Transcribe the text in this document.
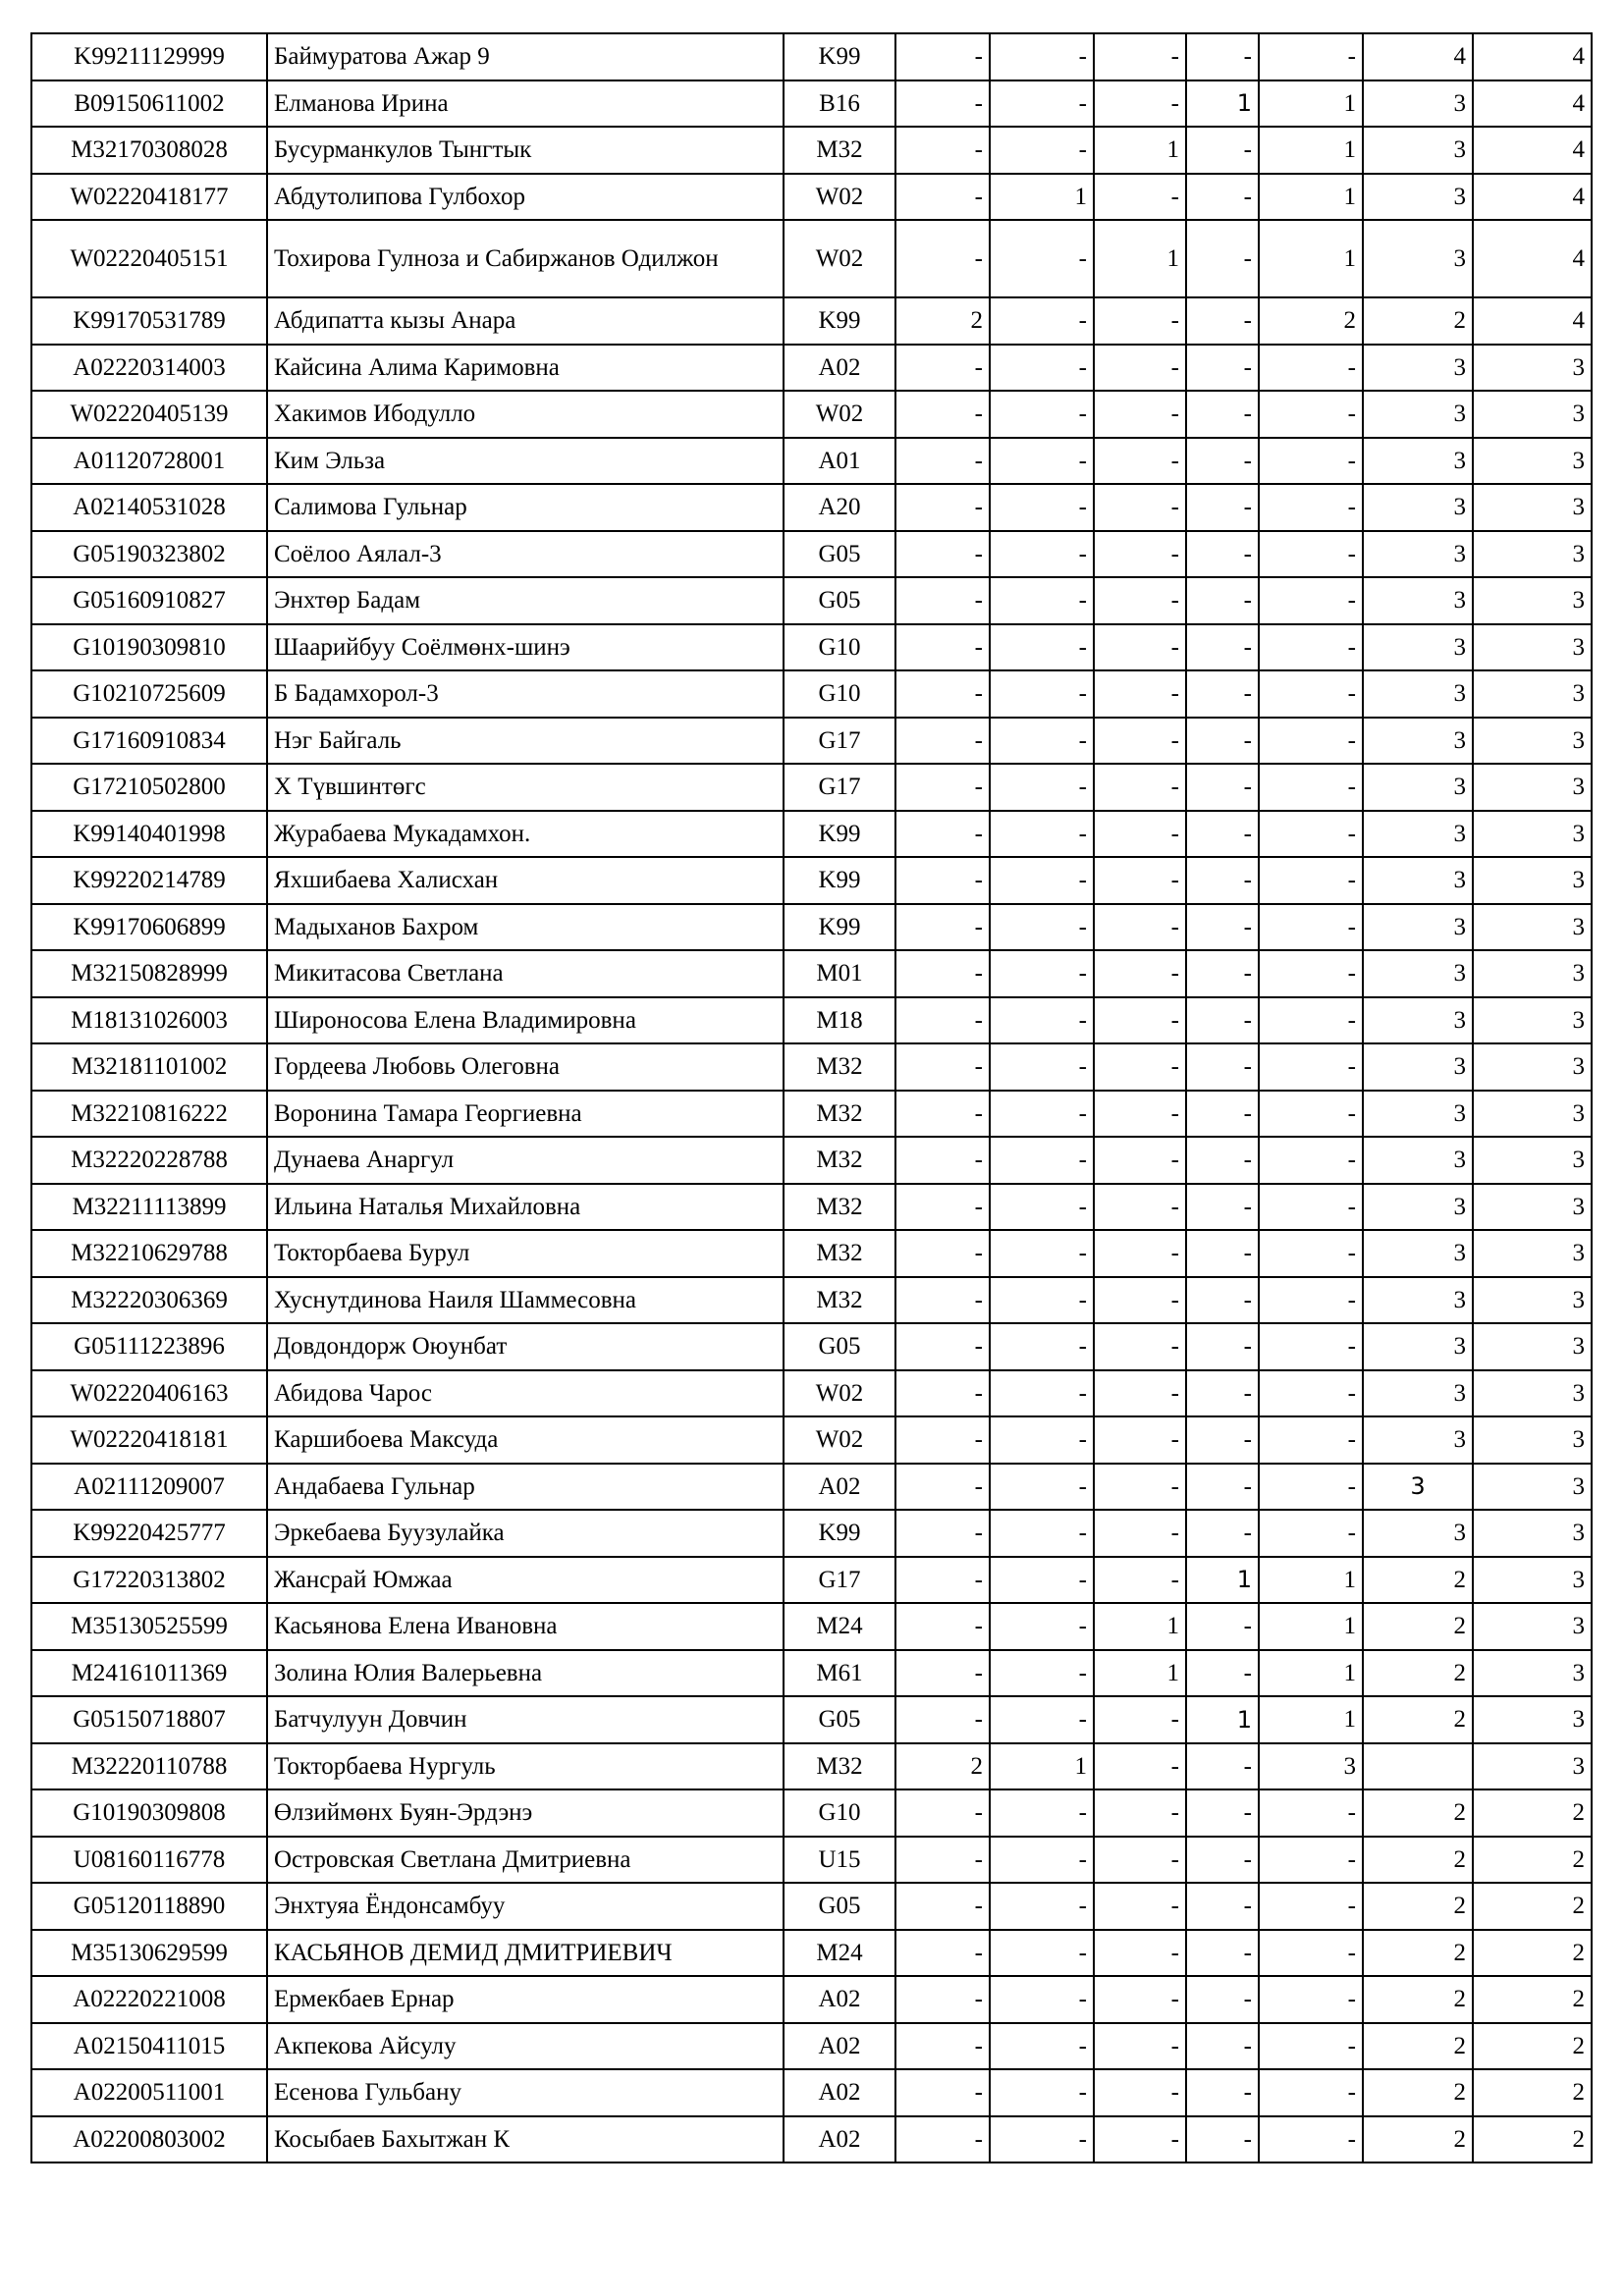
K99211129999	Баймуратова Ажар 9	K99	-	-	-	-	-	4	4
B09150611002	Елманова Ирина	B16	-	-	-	1	1	3	4
M32170308028	Бусурманкулов Тынгтык	M32	-	-	1	-	1	3	4
W02220418177	Абдутолипова Гулбохор	W02	-	1	-	-	1	3	4
W02220405151	Тохирова Гулноза и Сабиржанов Одилжон	W02	-	-	1	-	1	3	4
K99170531789	Абдипатта кызы Анара	K99	2	-	-	-	2	2	4
A02220314003	Кайсина Алима Каримовна	A02	-	-	-	-	-	3	3
W02220405139	Хакимов Ибодулло	W02	-	-	-	-	-	3	3
A01120728001	Ким Эльза	A01	-	-	-	-	-	3	3
A02140531028	Салимова Гульнар	A20	-	-	-	-	-	3	3
G05190323802	Соёлоо Аялал-3	G05	-	-	-	-	-	3	3
G05160910827	Энхтөр Бадам	G05	-	-	-	-	-	3	3
G10190309810	Шаарийбуу Соёлмөнх-шинэ	G10	-	-	-	-	-	3	3
G10210725609	Б Бадамхорол-3	G10	-	-	-	-	-	3	3
G17160910834	Нэг Байгаль	G17	-	-	-	-	-	3	3
G17210502800	Х Түвшинтөгс	G17	-	-	-	-	-	3	3
K99140401998	Журабаева Мукадамхон.	K99	-	-	-	-	-	3	3
K99220214789	Яхшибаева Халисхан	K99	-	-	-	-	-	3	3
K99170606899	Мадыханов Бахром	K99	-	-	-	-	-	3	3
M32150828999	Микитасова Светлана	M01	-	-	-	-	-	3	3
M18131026003	Широносова Елена Владимировна	M18	-	-	-	-	-	3	3
M32181101002	Гордеева Любовь Олеговна	M32	-	-	-	-	-	3	3
M32210816222	Воронина Тамара Георгиевна	M32	-	-	-	-	-	3	3
M32220228788	Дунаева Анаргул	M32	-	-	-	-	-	3	3
M32211113899	Ильина Наталья Михайловна	M32	-	-	-	-	-	3	3
M32210629788	Токторбаева Бурул	M32	-	-	-	-	-	3	3
M32220306369	Хуснутдинова Наиля Шаммесовна	M32	-	-	-	-	-	3	3
G05111223896	Довдондорж Оюунбат	G05	-	-	-	-	-	3	3
W02220406163	Абидова Чарос	W02	-	-	-	-	-	3	3
W02220418181	Каршибоева Максуда	W02	-	-	-	-	-	3	3
A02111209007	Андабаева Гульнар	A02	-	-	-	-	-	3	3
K99220425777	Эркебаева Буузулайка	K99	-	-	-	-	-	3	3
G17220313802	Жансрай Юмжаа	G17	-	-	-	1	1	2	3
M35130525599	Касьянова Елена Ивановна	M24	-	-	1	-	1	2	3
M24161011369	Золина Юлия Валерьевна	M61	-	-	1	-	1	2	3
G05150718807	Батчулуун Довчин	G05	-	-	-	1	1	2	3
M32220110788	Токторбаева Нургуль	M32	2	1	-	-	3		3
G10190309808	Өлзиймөнх Буян-Эрдэнэ	G10	-	-	-	-	-	2	2
U08160116778	Островская Светлана Дмитриевна	U15	-	-	-	-	-	2	2
G05120118890	Энхтуяа Ёндонсамбуу	G05	-	-	-	-	-	2	2
M35130629599	КАСЬЯНОВ ДЕМИД ДМИТРИЕВИЧ	M24	-	-	-	-	-	2	2
A02220221008	Ермекбаев Ернар	A02	-	-	-	-	-	2	2
A02150411015	Акпекова Айсулу	A02	-	-	-	-	-	2	2
A02200511001	Есенова Гульбану	A02	-	-	-	-	-	2	2
A02200803002	Косыбаев Бахытжан К	A02	-	-	-	-	-	2	2
